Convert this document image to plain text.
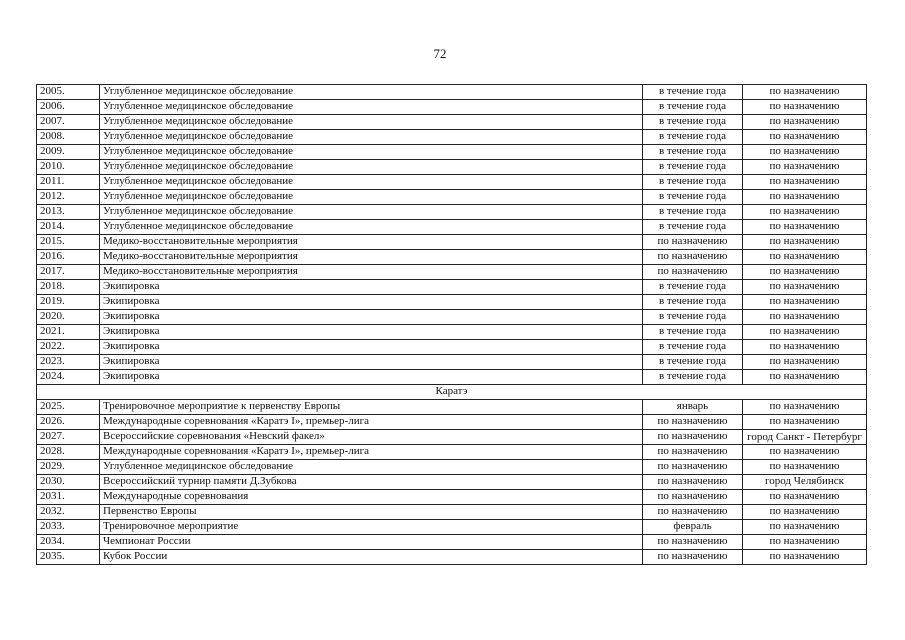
72
2005.	Углубленное медицинское обследование	в течение года	по назначению
2006.	Углубленное медицинское обследование	в течение года	по назначению
2007.	Углубленное медицинское обследование	в течение года	по назначению
2008.	Углубленное медицинское обследование	в течение года	по назначению
2009.	Углубленное медицинское обследование	в течение года	по назначению
2010.	Углубленное медицинское обследование	в течение года	по назначению
2011.	Углубленное медицинское обследование	в течение года	по назначению
2012.	Углубленное медицинское обследование	в течение года	по назначению
2013.	Углубленное медицинское обследование	в течение года	по назначению
2014.	Углубленное медицинское обследование	в течение года	по назначению
2015.	Медико-восстановительные мероприятия	по назначению	по назначению
2016.	Медико-восстановительные мероприятия	по назначению	по назначению
2017.	Медико-восстановительные мероприятия	по назначению	по назначению
2018.	Экипировка	в течение года	по назначению
2019.	Экипировка	в течение года	по назначению
2020.	Экипировка	в течение года	по назначению
2021.	Экипировка	в течение года	по назначению
2022.	Экипировка	в течение года	по назначению
2023.	Экипировка	в течение года	по назначению
2024.	Экипировка	в течение года	по назначению
Каратэ			
2025.	Тренировочное мероприятие к первенству Европы	январь	по назначению
2026.	Международные соревнования «Каратэ I», премьер-лига	по назначению	по назначению
2027.	Всероссийские соревнования «Невский факел»	по назначению	город Санкт - Петербург
2028.	Международные соревнования «Каратэ I», премьер-лига	по назначению	по назначению
2029.	Углубленное медицинское обследование	по назначению	по назначению
2030.	Всероссийский турнир памяти Д.Зубкова	по назначению	город Челябинск
2031.	Международные соревнования	по назначению	по назначению
2032.	Первенство Европы	по назначению	по назначению
2033.	Тренировочное мероприятие	февраль	по назначению
2034.	Чемпионат России	по назначению	по назначению
2035.	Кубок России	по назначению	по назначению
